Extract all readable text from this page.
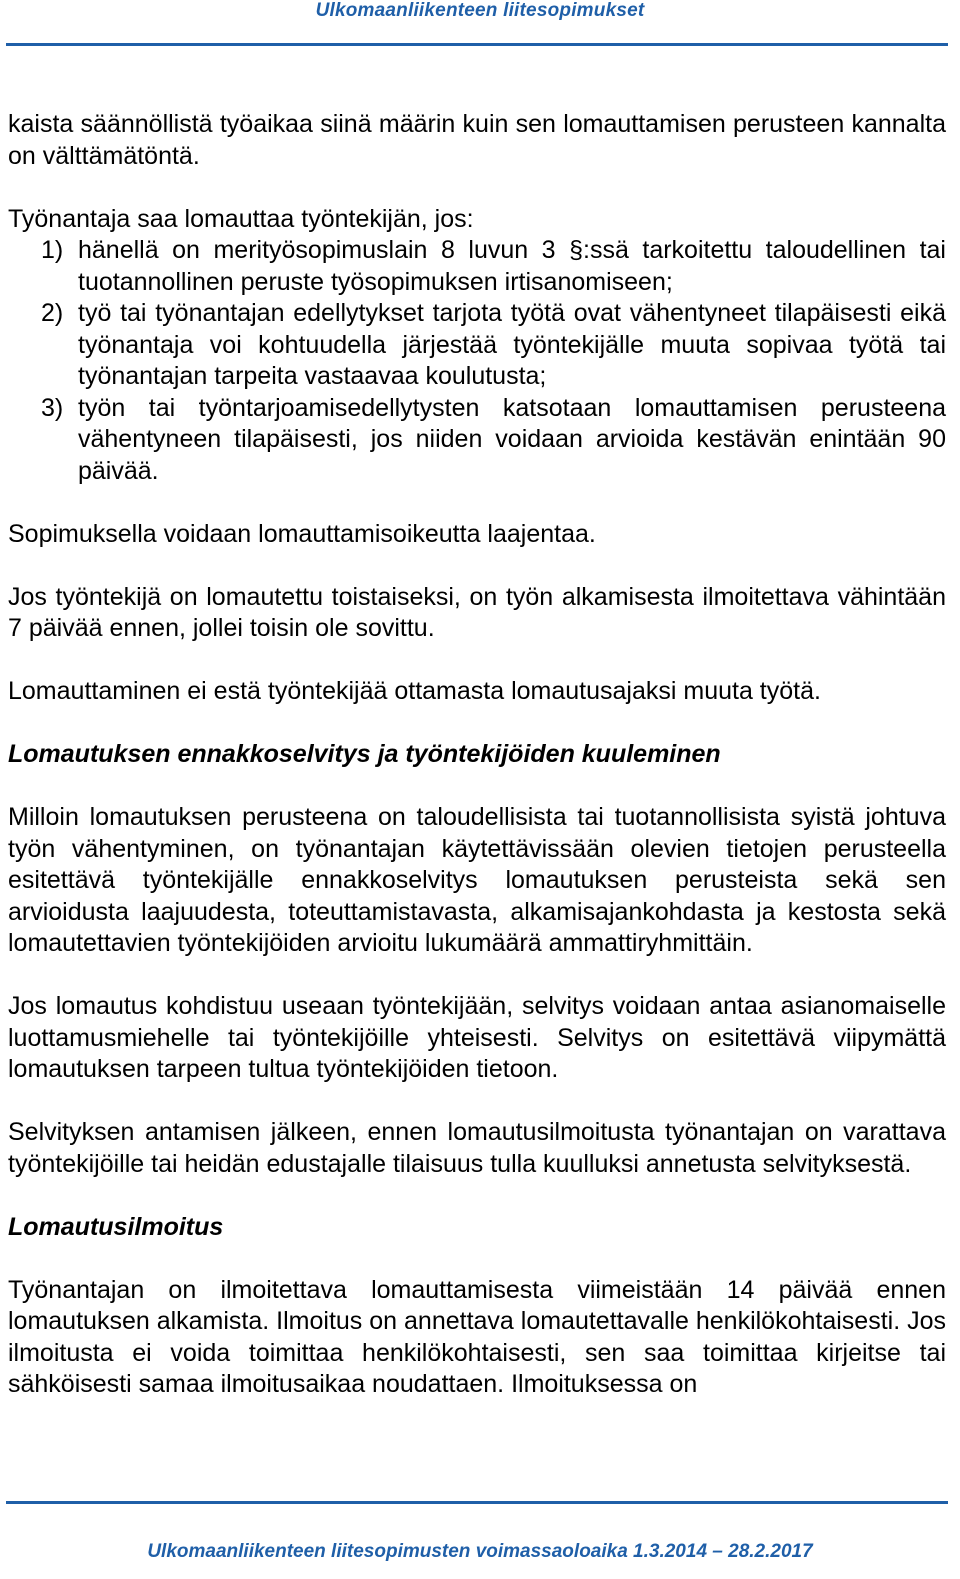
Ulkomaanliikenteen liitesopimukset

kaista säännöllistä työaikaa siinä määrin kuin sen lomauttamisen perusteen kannalta on välttämätöntä.

Työnantaja saa lomauttaa työntekijän, jos:

1) hänellä on merityösopimuslain 8 luvun 3 §:ssä tarkoitettu taloudellinen tai tuotannollinen peruste työsopimuksen irtisanomiseen;
2) työ tai työnantajan edellytykset tarjota työtä ovat vähentyneet tilapäisesti eikä työnantaja voi kohtuudella järjestää työntekijälle muuta sopivaa työtä tai työnantajan tarpeita vastaavaa koulutusta;
3) työn tai työntarjoamisedellytysten katsotaan lomauttamisen perusteena vähentyneen tilapäisesti, jos niiden voidaan arvioida kestävän enintään 90 päivää.

Sopimuksella voidaan lomauttamisoikeutta laajentaa.

Jos työntekijä on lomautettu toistaiseksi, on työn alkamisesta ilmoitettava vähintään 7 päivää ennen, jollei toisin ole sovittu.

Lomauttaminen ei estä työntekijää ottamasta lomautusajaksi muuta työtä.

Lomautuksen ennakkoselvitys ja työntekijöiden kuuleminen

Milloin lomautuksen perusteena on taloudellisista tai tuotannollisista syistä johtuva työn vähentyminen, on työnantajan käytettävissään olevien tietojen perusteella esitettävä työntekijälle ennakkoselvitys lomautuksen perusteista sekä sen arvioidusta laajuudesta, toteuttamistavasta, alkamisajankohdasta ja kestosta sekä lomautettavien työntekijöiden arvioitu lukumäärä ammattiryhmittäin.

Jos lomautus kohdistuu useaan työntekijään, selvitys voidaan antaa asianomaiselle luottamusmiehelle tai työntekijöille yhteisesti. Selvitys on esitettävä viipymättä lomautuksen tarpeen tultua työntekijöiden tietoon.

Selvityksen antamisen jälkeen, ennen lomautusilmoitusta työnantajan on varattava työntekijöille tai heidän edustajalle tilaisuus tulla kuulluksi annetusta selvityksestä.

Lomautusilmoitus

Työnantajan on ilmoitettava lomauttamisesta viimeistään 14 päivää ennen lomautuksen alkamista. Ilmoitus on annettava lomautettavalle henkilökohtaisesti. Jos ilmoitusta ei voida toimittaa henkilökohtaisesti, sen saa toimittaa kirjeitse tai sähköisesti samaa ilmoitusaikaa noudattaen. Ilmoituksessa on

Ulkomaanliikenteen liitesopimusten voimassaoloaika 1.3.2014 – 28.2.2017
